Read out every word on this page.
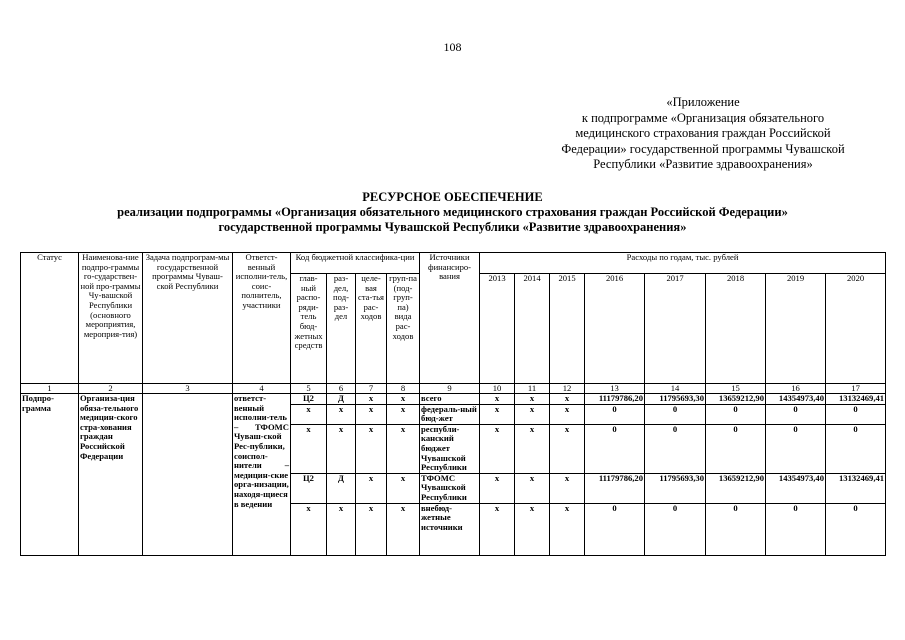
108
«Приложение
к подпрограмме «Организация обязательного
медицинского страхования граждан Российской
Федерации» государственной программы Чувашской
Республики «Развитие здравоохранения»
РЕСУРСНОЕ ОБЕСПЕЧЕНИЕ
реализации подпрограммы «Организация обязательного медицинского страхования граждан Российской Федерации»
государственной программы Чувашской Республики «Развитие здравоохранения»
Статус	Наименова-ние подпро-граммы го-сударствен-ной про-граммы Чу-вашской Республики (основного мероприятия, мероприя-тия)	Задача подпрограм-мы государственной программы Чуваш-ской Республики	Ответст-венный исполни-тель, соис-полнитель, участники	Код бюджетной классифика-ции				Источники финансиро-вания	Расходы по годам, тыс. рублей							
				глав-ный распо-ряди-тель бюд-жетных средств	раз-дел, под-раз-дел	целе-вая ста-тья рас-ходов	груп-па (под-груп-па) вида рас-ходов		2013	2014	2015	2016	2017	2018	2019	2020
1	2	3	4	5	6	7	8	9	10	11	12	13	14	15	16	17
Подпро-грамма	Организа-ция обяза-тельного медицин-ского стра-хования граждан Российской Федерации		ответст-венный исполни-тель – ТФОМС Чуваш-ской Рес-публики, соиспол-нители – медицин-ские орга-низации, находя-щиеся в ведении	Ц2	Д	х	х	всего	х	х	х	11179786,20	11795693,30	13659212,90	14354973,40	13132469,41
				х	х	х	х	федераль-ный бюд-жет	х	х	х	0	0	0	0	0
				х	х	х	х	республи-канский бюджет Чувашской Республики	х	х	х	0	0	0	0	0
				Ц2	Д	х	х	ТФОМС Чувашской Республики	х	х	х	11179786,20	11795693,30	13659212,90	14354973,40	13132469,41
				х	х	х	х	внебюд-жетные источники	х	х	х	0	0	0	0	0
